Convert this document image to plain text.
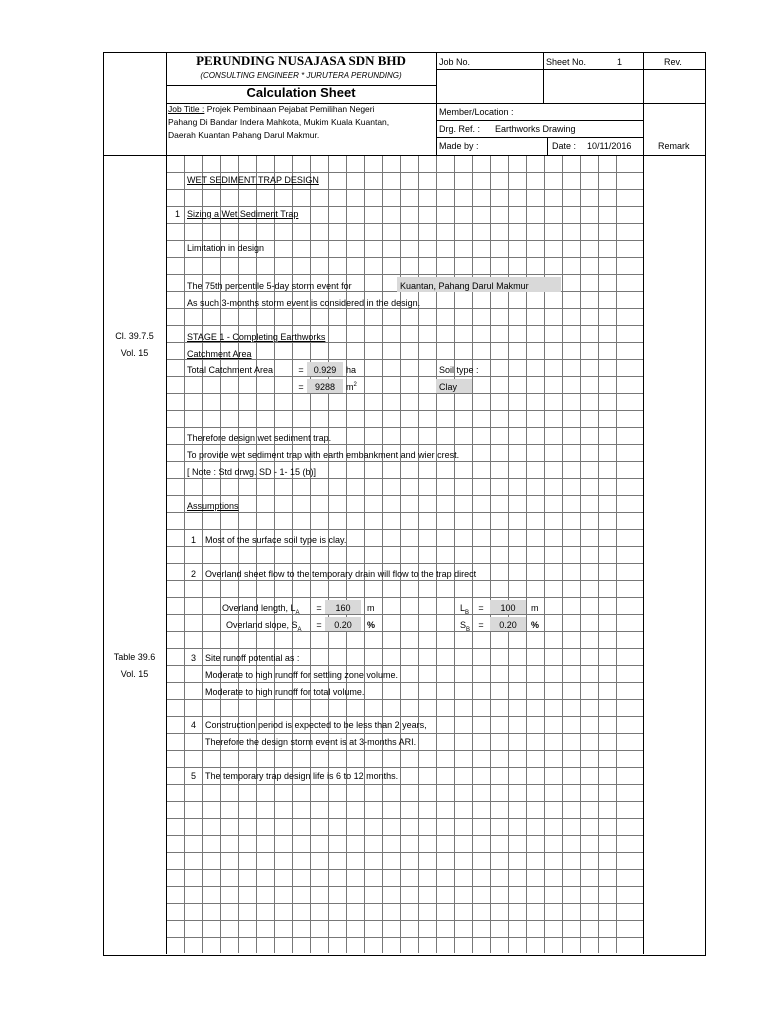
PERUNDING NUSAJASA SDN BHD
(CONSULTING ENGINEER * JURUTERA PERUNDING)
Calculation Sheet
Job No.	Sheet No.	1	Rev.
Job Title : Projek Pembinaan Pejabat Pemilihan Negeri
Pahang Di Bandar Indera Mahkota, Mukim Kuala Kuantan,
Daerah Kuantan Pahang Darul Makmur.
Member/Location :
Drg. Ref. : Earthworks Drawing
Made by :	Date : 10/11/2016	Remark
Cl. 39.7.5
Vol. 15
Table 39.6
Vol. 15
WET SEDIMENT TRAP DESIGN
1 Sizing a Wet Sediment Trap
Limitation in design
The 75th percentile 5-day storm event for	Kuantan, Pahang Darul Makmur
As such 3-months storm event is considered in the design.
STAGE 1 - Completing Earthworks
Catchment Area
Total Catchment Area	=	0.929	ha	Soil type :
=	9288	$m^2$	Clay
Therefore design wet sediment trap.
To provide wet sediment trap with earth embankment and wier crest.
[ Note : Std drwg. SD - 1- 15 (b)]
Assumptions
1 Most of the surface soil type is clay.
2 Overland sheet flow to the temporary drain will flow to the trap direct
Overland length, $L_A$	=	160	m	$L_B$	=	100	m
Overland slope, $S_A$	=	0.20	%	$S_B$ =	0.20	%
3 Site runoff potential as :
Moderate to high runoff for settling zone volume.
Moderate to high runoff for total volume.
4 Construction period is expected to be less than 2 years,
Therefore the design storm event is at 3-months ARI.
5 The temporary trap design life is 6 to 12 months.
